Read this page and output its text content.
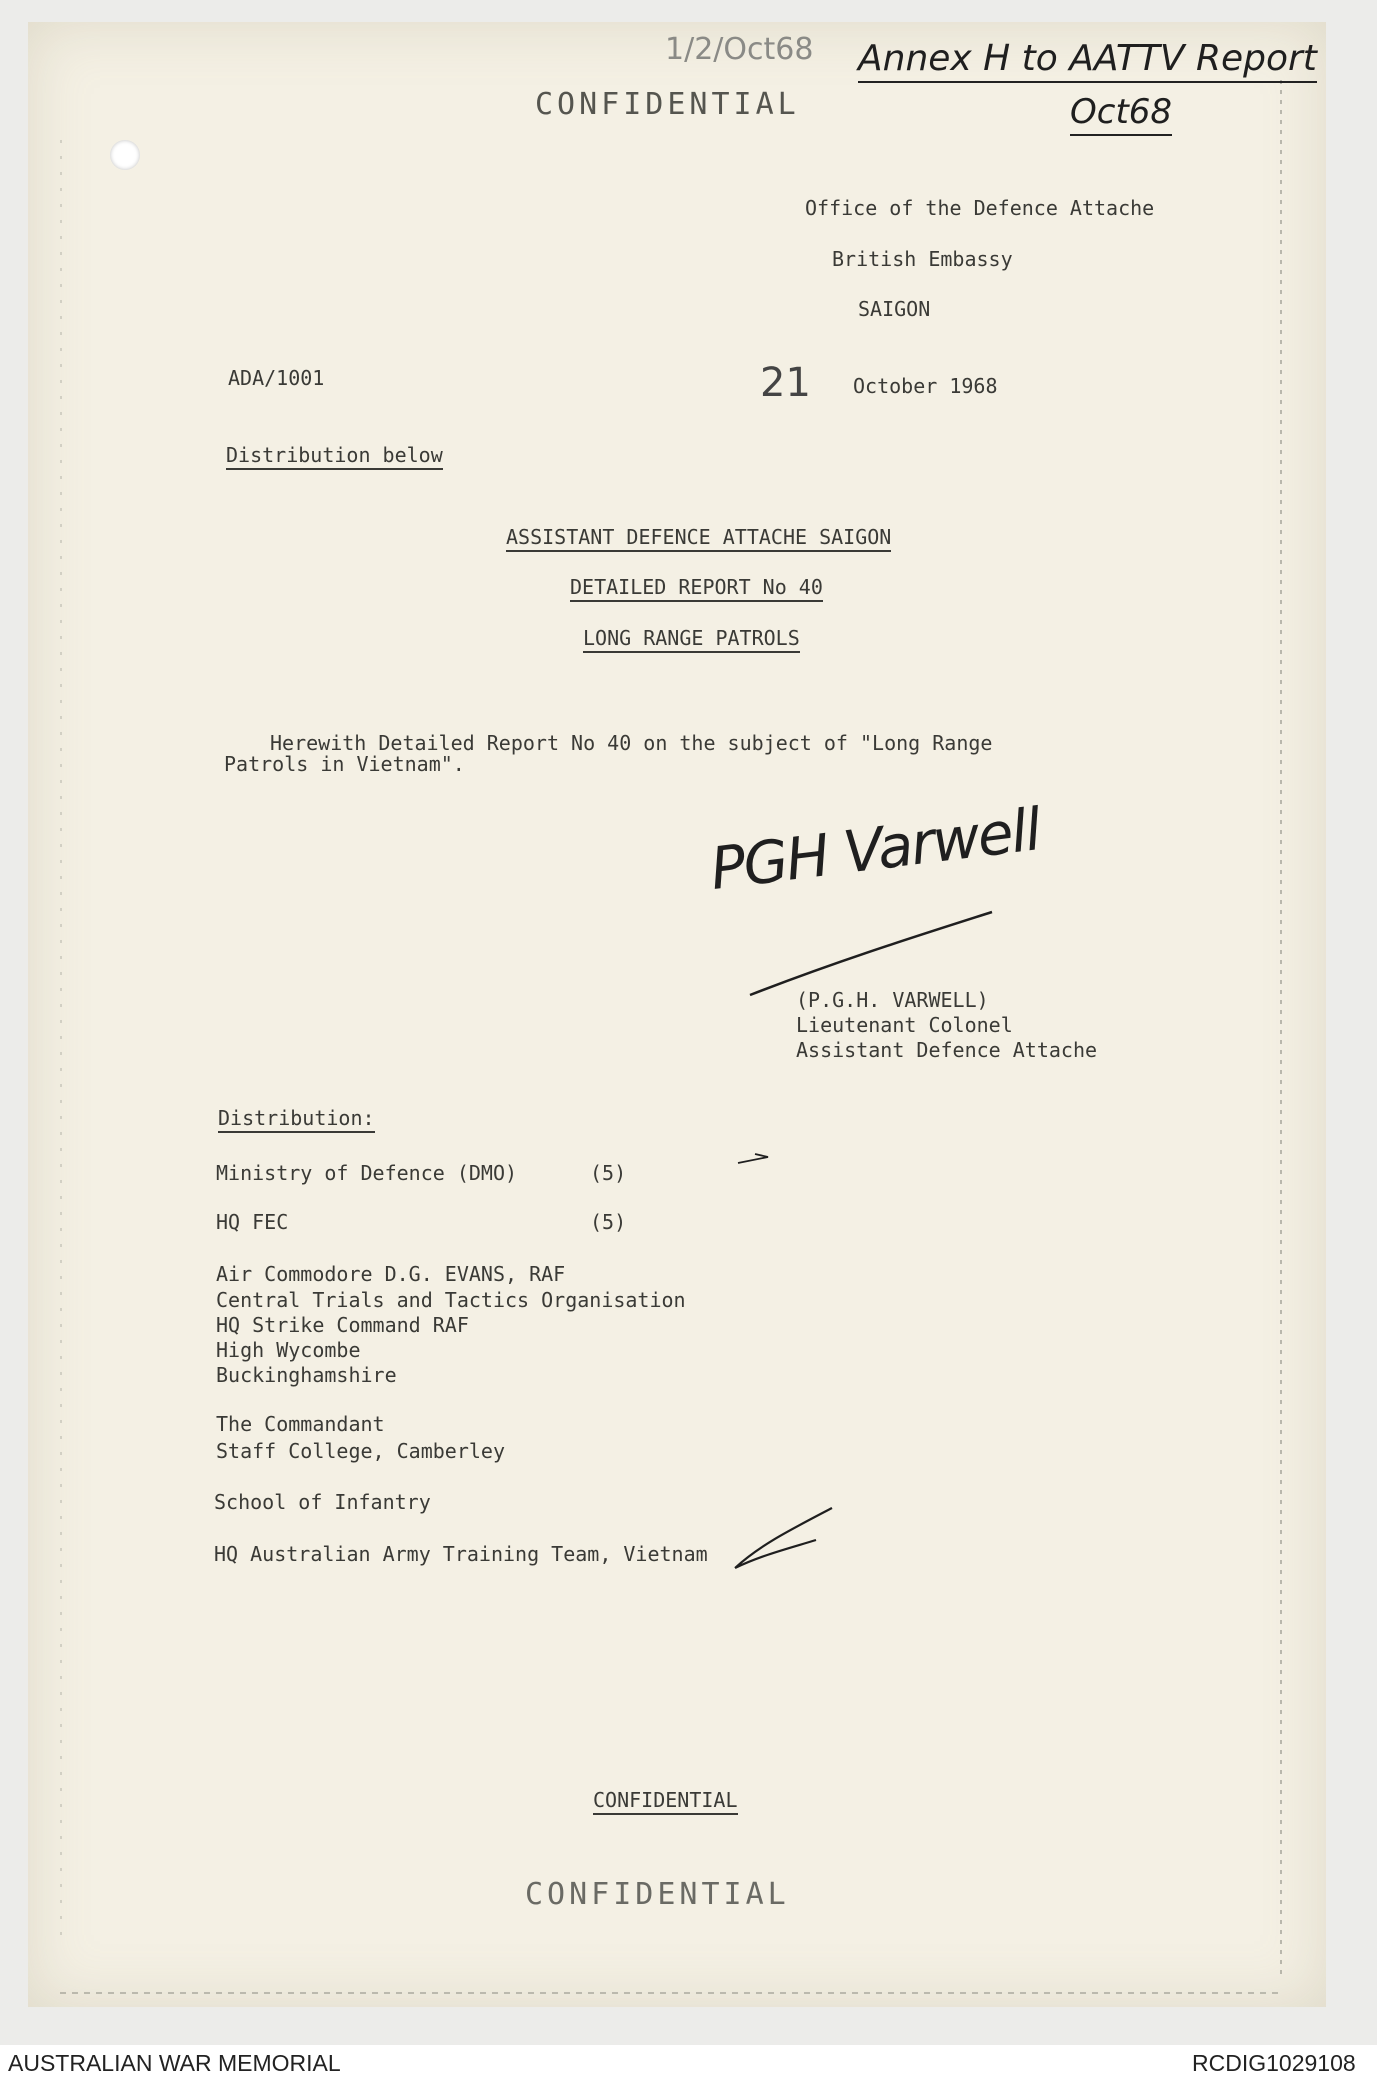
1/2/Oct68 Annex H to AATTV Report
Oct68
CONFIDENTIAL
Office of the Defence Attache
British Embassy
SAIGON
ADA/1001	21 October 1968
Distribution below
ASSISTANT DEFENCE ATTACHE SAIGON
DETAILED REPORT No 40
LONG RANGE PATROLS
Herewith Detailed Report No 40 on the subject of "Long Range
Patrols in Vietnam".
PGH Varwell
(P.G.H. VARWELL)
Lieutenant Colonel
Assistant Defence Attache
Distribution:
Ministry of Defence (DMO)	(5)
HQ FEC	(5)
Air Commodore D.G. EVANS, RAF
Central Trials and Tactics Organisation
HQ Strike Command RAF
High Wycombe
Buckinghamshire
The Commandant
Staff College, Camberley
School of Infantry
HQ Australian Army Training Team, Vietnam
CONFIDENTIAL
CONFIDENTIAL
AUSTRALIAN WAR MEMORIAL	RCDIG1029108
